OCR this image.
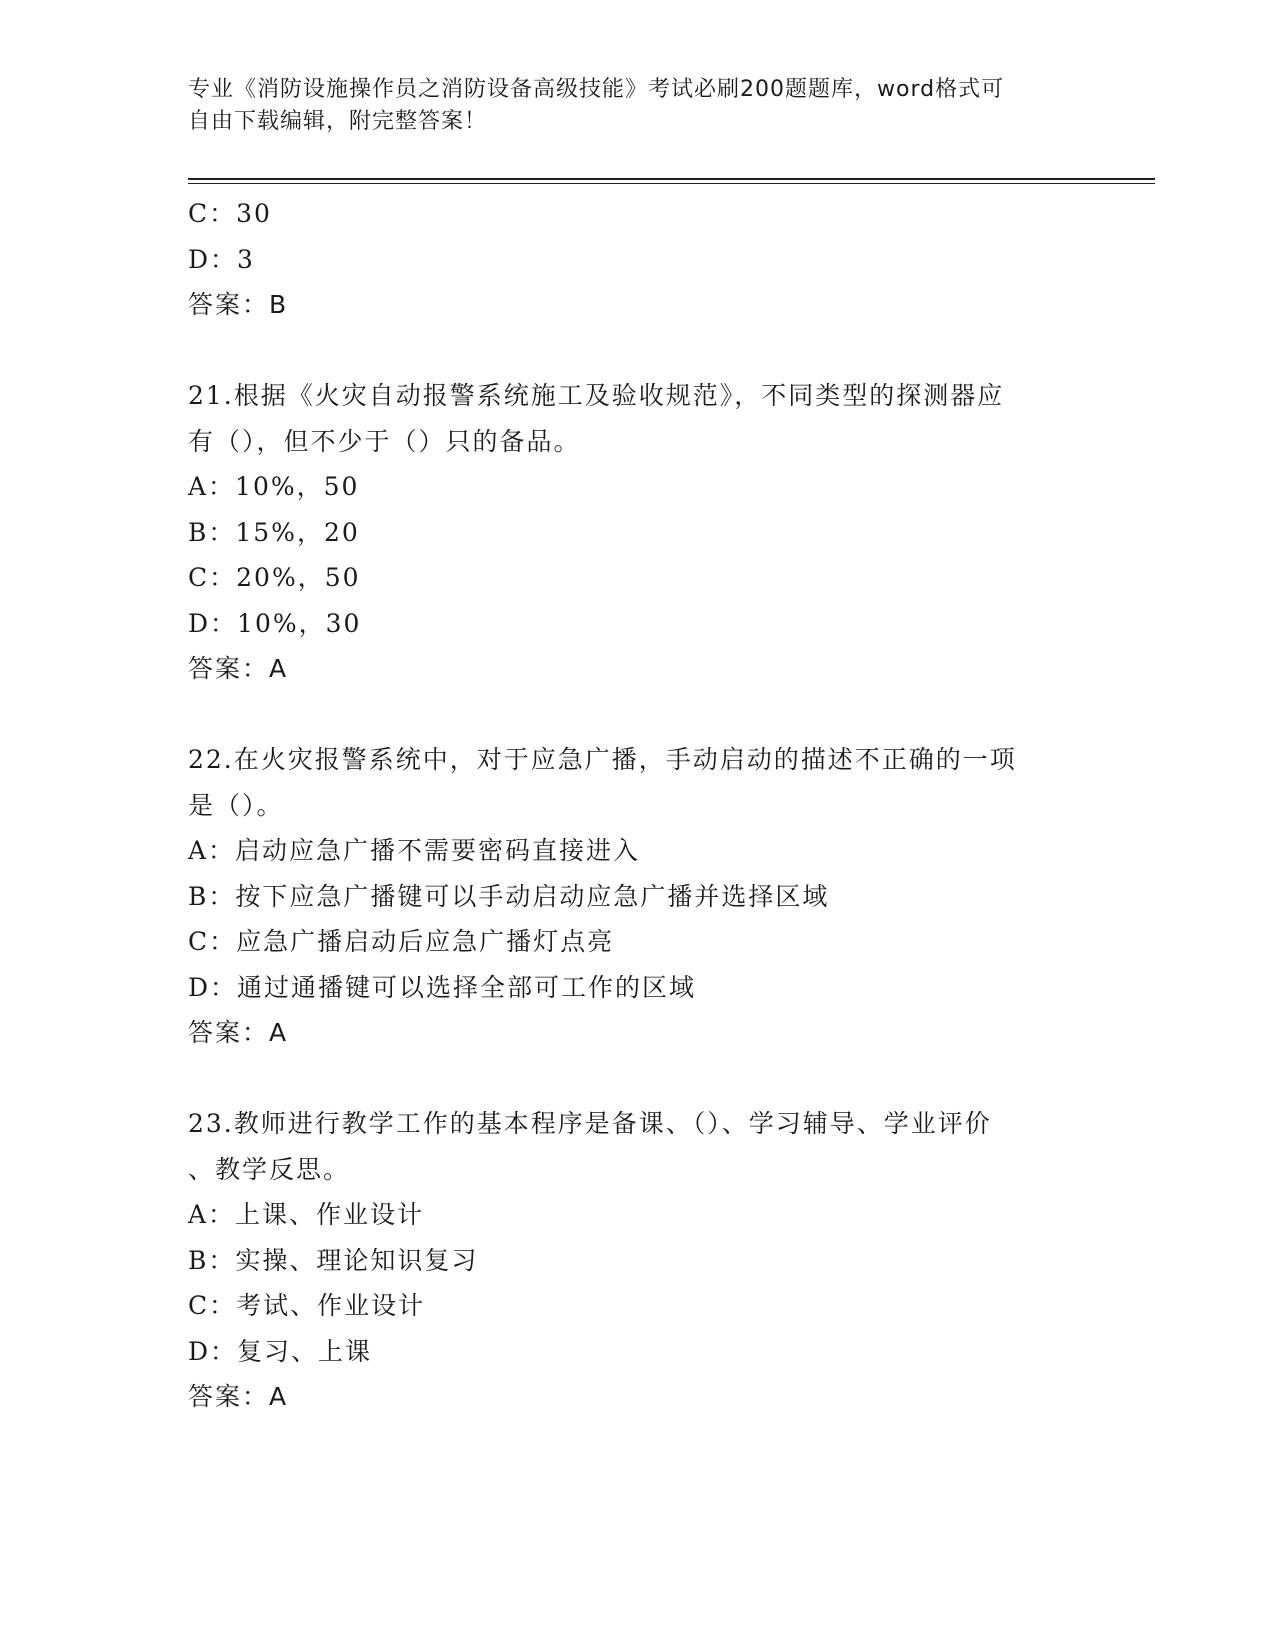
专业《消防设施操作员之消防设备高级技能》考试必刷200题题库，word格式可
自由下载编辑，附完整答案！
C：30
D：3
答案：B
21.根据《火灾自动报警系统施工及验收规范》，不同类型的探测器应
有（），但不少于（）只的备品。
A：10%，50
B：15%，20
C：20%，50
D：10%，30
答案：A
22.在火灾报警系统中，对于应急广播，手动启动的描述不正确的一项
是（）。
A：启动应急广播不需要密码直接进入
B：按下应急广播键可以手动启动应急广播并选择区域
C：应急广播启动后应急广播灯点亮
D：通过通播键可以选择全部可工作的区域
答案：A
23.教师进行教学工作的基本程序是备课、（）、学习辅导、学业评价
、教学反思。
A：上课、作业设计
B：实操、理论知识复习
C：考试、作业设计
D：复习、上课
答案：A
